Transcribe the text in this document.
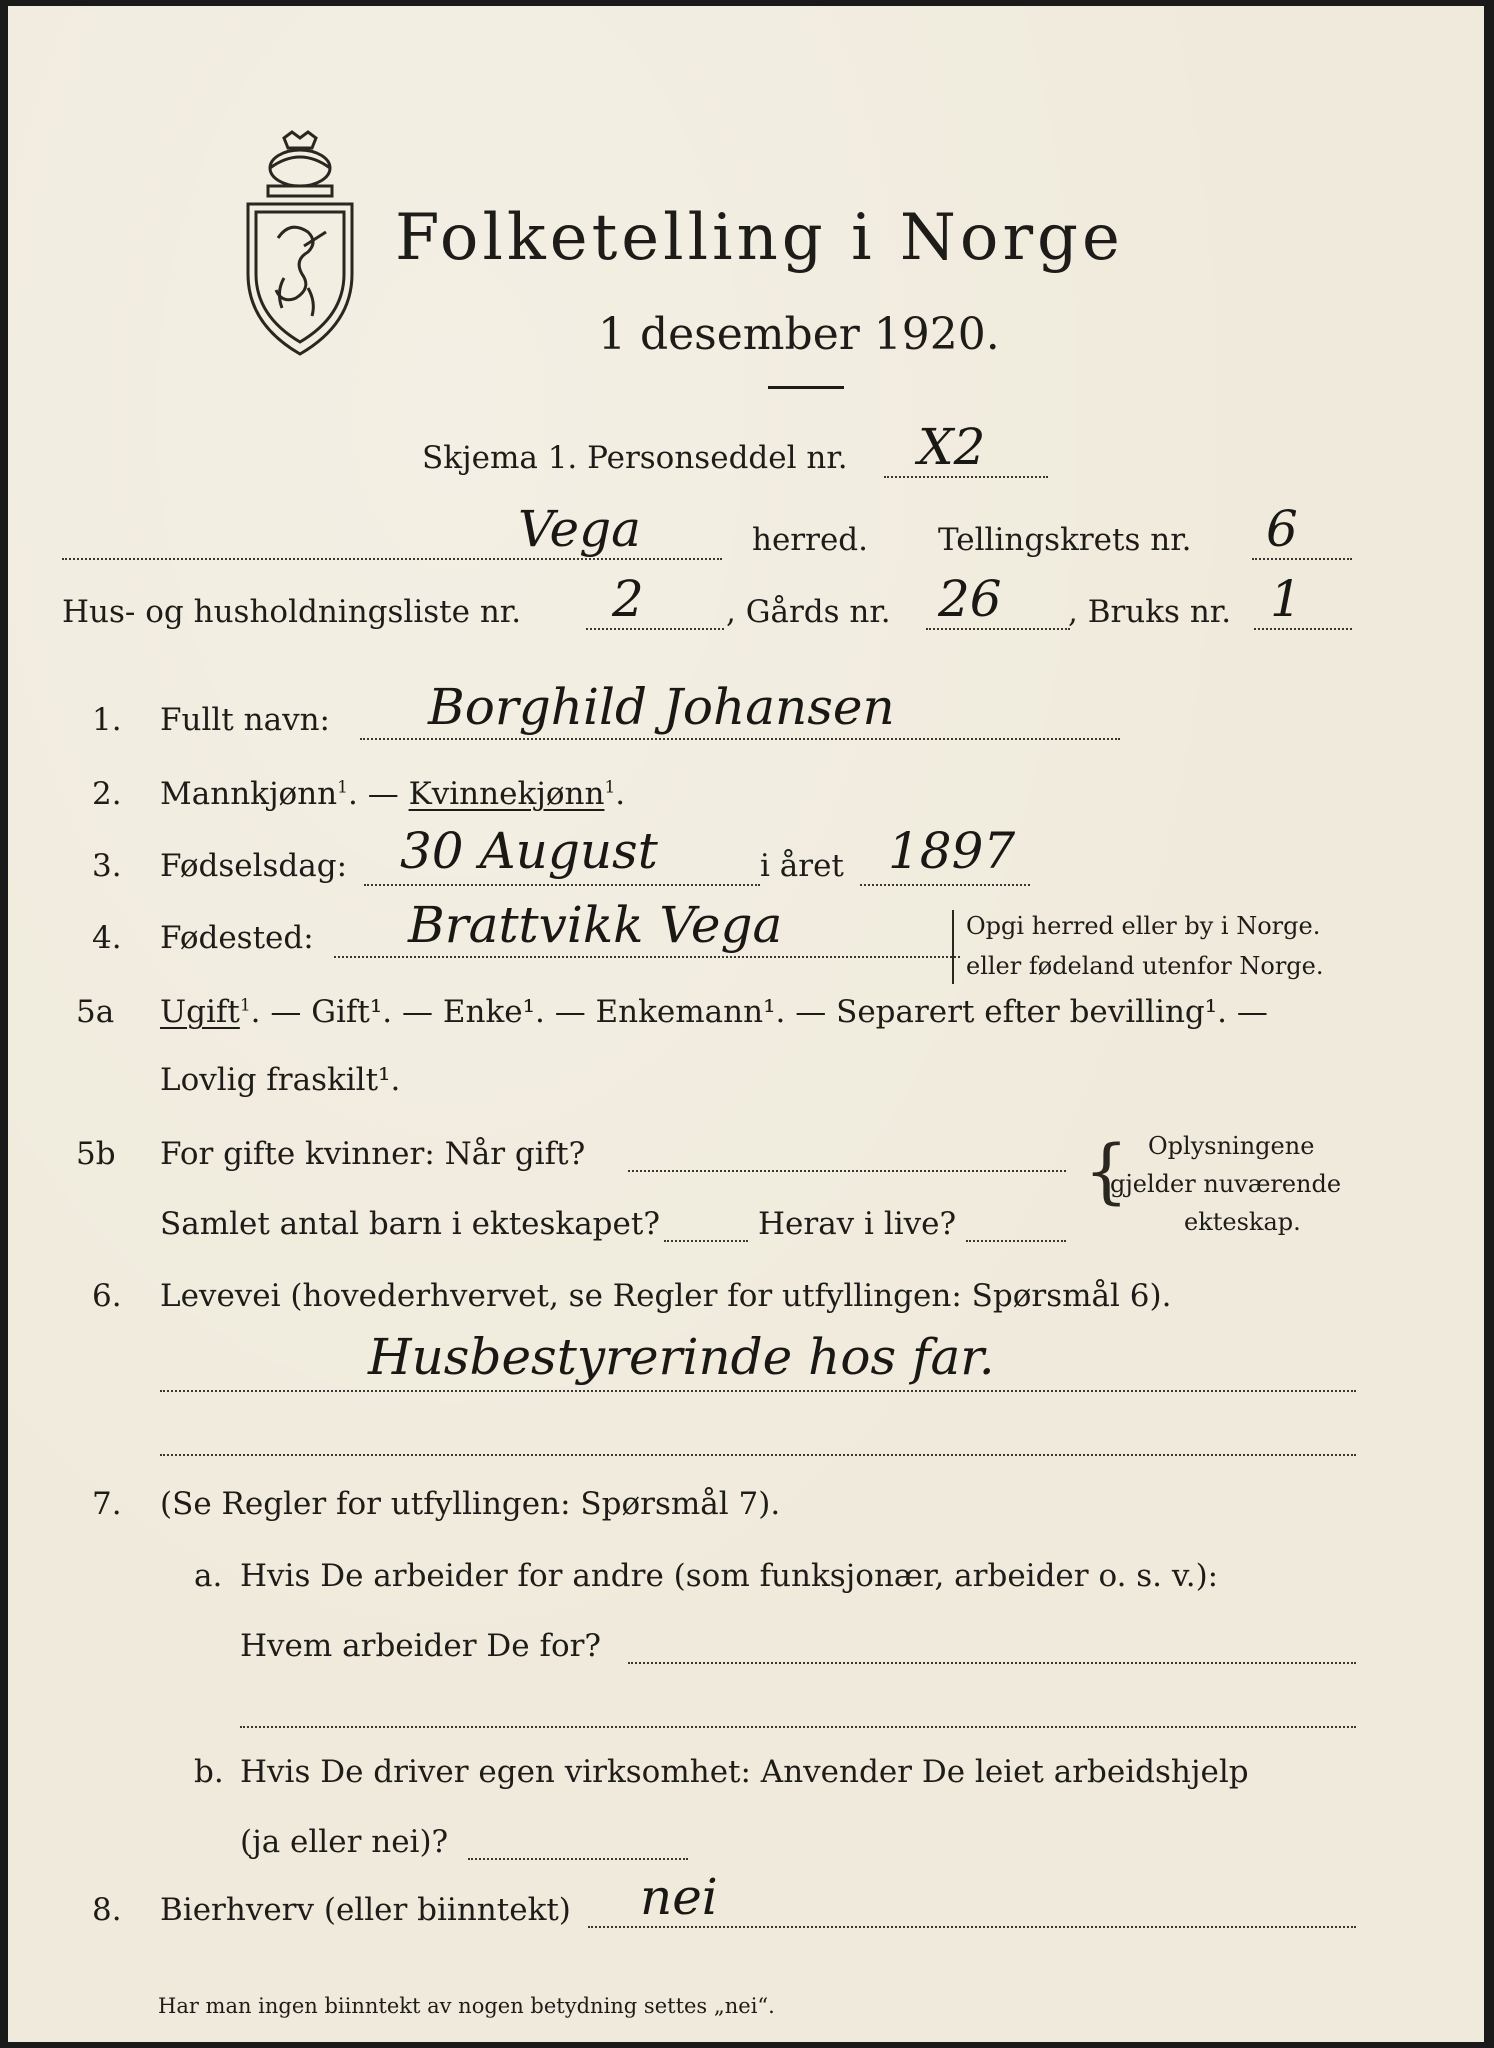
Folketelling i Norge
1 desember 1920.
Skjema 1. Personseddel nr. X2
Vega	herred. Tellingskrets nr. 6
Hus- og husholdningsliste nr. 2	, Gårds nr. 26 , Bruks nr. 1
1. Fullt navn: Borghild Johansen
2. Mannkjønn$^1$. — Kvinnekjønn$^1$.
3. Fødselsdag: 30 August	i året 1897
4. Fødested: Brattvikk Vega	Opgi herred eller by i Norge.
eller fødeland utenfor Norge.
5a Ugift$^1$. — Gift¹. — Enke¹. — Enkemann¹. — Separert efter bevilling¹. —
Lovlig fraskilt¹.
5b For gifte kvinner: Når gift?
Samlet antal barn i ekteskapet?	Herav i live?
{ Oplysningene
gjelder nuværende
ekteskap.
6. Levevei (hovederhvervet, se Regler for utfyllingen: Spørsmål 6).
Husbestyrerinde hos far.
7. (Se Regler for utfyllingen: Spørsmål 7).
a. Hvis De arbeider for andre (som funksjonær, arbeider o. s. v.):
Hvem arbeider De for?
b. Hvis De driver egen virksomhet: Anvender De leiet arbeidshjelp
(ja eller nei)?
8. Bierhverv (eller biinntekt) nei
Har man ingen biinntekt av nogen betydning settes „nei“.
